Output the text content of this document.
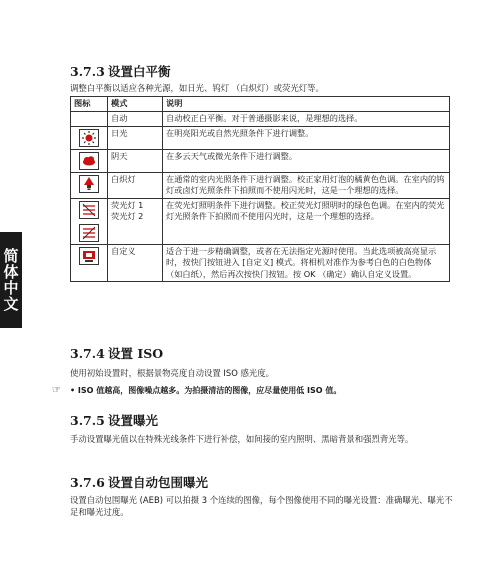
简体中文
3.7.3 设置白平衡

调整白平衡以适应各种光源，如日光、钨灯 （白炽灯）或荧光灯等。

图标	模式	说明
	自动	自动校正白平衡。对于普通摄影来说，是理想的选择。

	日光	在明亮阳光或自然光照条件下进行调整。

	阴天	在多云天气或微光条件下进行调整。

	白炽灯	在通常的室内光照条件下进行调整。校正家用灯泡的橘黄色色调。在室内的钨灯或卤灯光照条件下拍照而不使用闪光时，这是一个理想的选择。

	荧光灯 1
荧光灯 2	在荧光灯照明条件下进行调整。校正荧光灯照明时的绿色色调。在室内的荧光灯光照条件下拍照而不使用闪光时，这是一个理想的选择。

	自定义	适合于进一步精确调整，或者在无法指定光源时使用。当此选项被高亮显示时，按快门按钮进入 [自定义] 模式。将相机对准作为参考白色的白色物体 （如白纸），然后再次按快门按钮。按 OK （确定）确认自定义设置。
3.7.4 设置 ISO

使用初始设置时，根据景物亮度自动设置 ISO 感光度。

☞ • ISO 值越高，图像噪点越多。为拍摄清洁的图像，应尽量使用低 ISO 值。
3.7.5 设置曝光

手动设置曝光值以在特殊光线条件下进行补偿，如间接的室内照明、黑暗背景和强烈背光等。

3.7.6 设置自动包围曝光

设置自动包围曝光 (AEB) 可以拍摄 3 个连续的图像，每个图像使用不同的曝光设置：准确曝光、曝光不足和曝光过度。
